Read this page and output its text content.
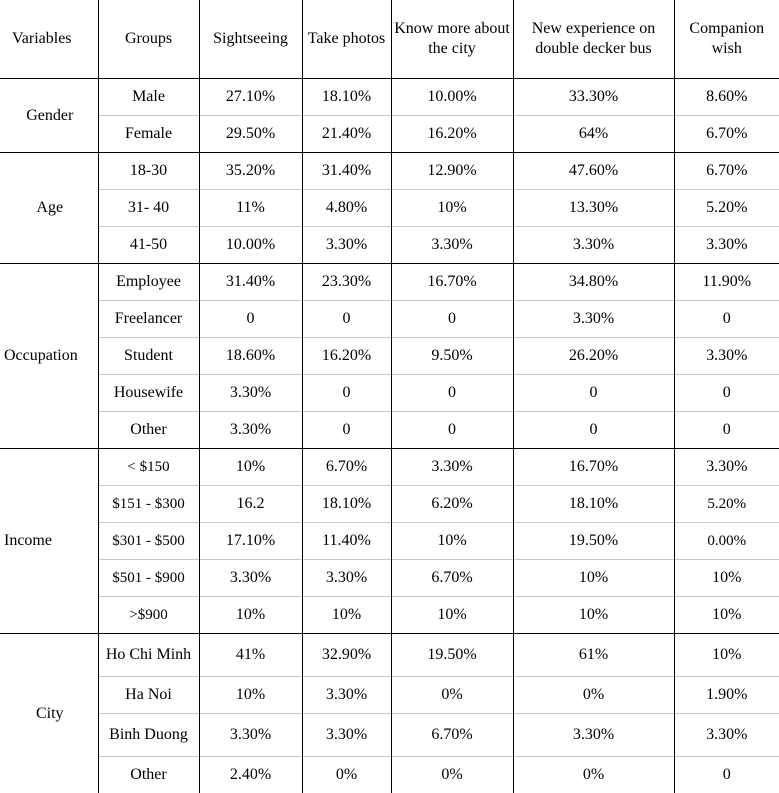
Variables	Groups	Sightseeing	Take photos	Know more about the city	New experience on double decker bus	Companion wish
Gender	Male	27.10%	18.10%	10.00%	33.30%	8.60%
	Female	29.50%	21.40%	16.20%	64%	6.70%
Age	18-30	35.20%	31.40%	12.90%	47.60%	6.70%
	31- 40	11%	4.80%	10%	13.30%	5.20%
	41-50	10.00%	3.30%	3.30%	3.30%	3.30%
Occupation	Employee	31.40%	23.30%	16.70%	34.80%	11.90%
	Freelancer	0	0	0	3.30%	0
	Student	18.60%	16.20%	9.50%	26.20%	3.30%
	Housewife	3.30%	0	0	0	0
	Other	3.30%	0	0	0	0
Income	< $150	10%	6.70%	3.30%	16.70%	3.30%
	$151 - $300	16.2	18.10%	6.20%	18.10%	5.20%
	$301 - $500	17.10%	11.40%	10%	19.50%	0.00%
	$501 - $900	3.30%	3.30%	6.70%	10%	10%
	>$900	10%	10%	10%	10%	10%
City	Ho Chi Minh	41%	32.90%	19.50%	61%	10%
	Ha Noi	10%	3.30%	0%	0%	1.90%
	Binh Duong	3.30%	3.30%	6.70%	3.30%	3.30%
	Other	2.40%	0%	0%	0%	0
